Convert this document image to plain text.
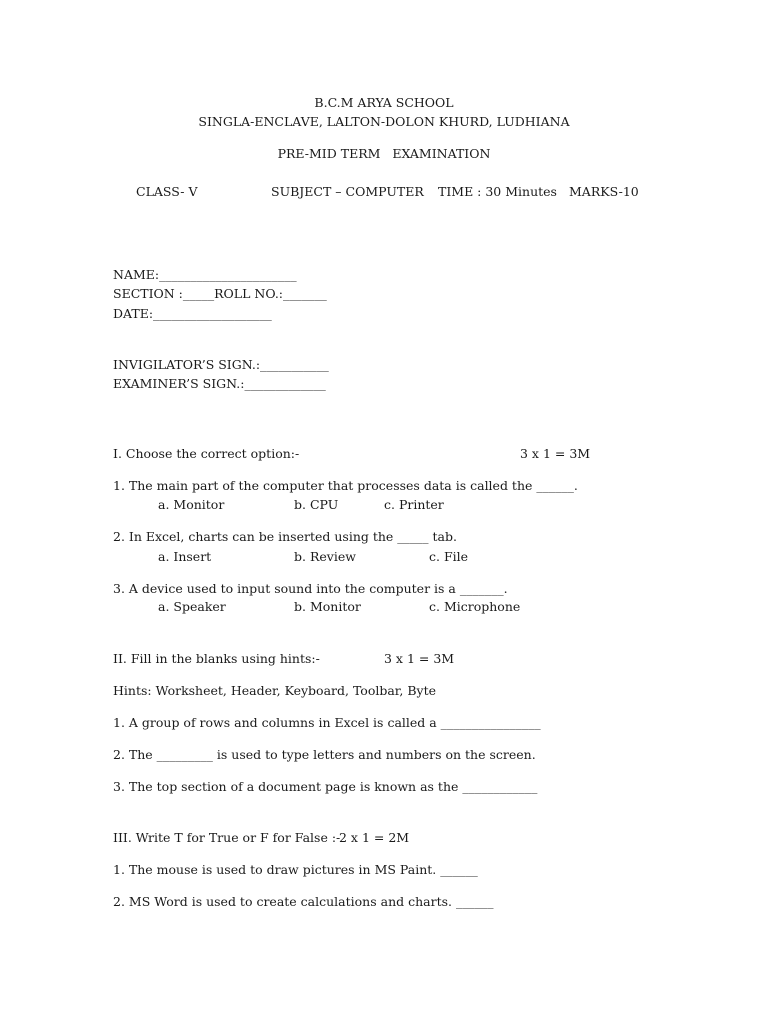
B.C.M ARYA SCHOOL
SINGLA-ENCLAVE, LALTON-DOLON KHURD, LUDHIANA
PRE-MID TERM   EXAMINATION
CLASS- V	SUBJECT – COMPUTER TIME : 30 Minutes MARKS-10
NAME:______________________
SECTION :_____ROLL NO.:_______
DATE:___________________
INVIGILATOR’S SIGN.:___________
EXAMINER’S SIGN.:_____________
I. Choose the correct option:-	3 x 1 = 3M
1. The main part of the computer that processes data is called the ______.
a. Monitor	b. CPU	c. Printer
2. In Excel, charts can be inserted using the _____ tab.
a. Insert	b. Review	c. File
3. A device used to input sound into the computer is a _______.
a. Speaker	b. Monitor	c. Microphone
II. Fill in the blanks using hints:-	3 x 1 = 3M
Hints: Worksheet, Header, Keyboard, Toolbar, Byte
1. A group of rows and columns in Excel is called a ________________
2. The _________ is used to type letters and numbers on the screen.
3. The top section of a document page is known as the ____________
III. Write T for True or F for False :-
2 x 1 = 2M
1. The mouse is used to draw pictures in MS Paint. ______
2. MS Word is used to create calculations and charts. ______
